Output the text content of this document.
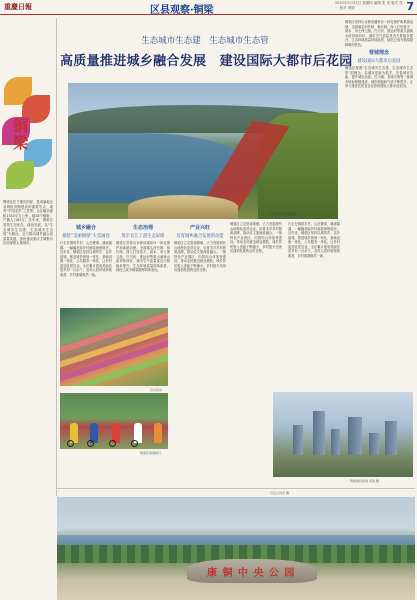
重慶日報	区县观察·铜梁
2023年2月23日 星期四 编辑 张 美 版式 张一 校对 黄婷	7
铜梁
铜梁区位于重庆西部，是成渝地区双城经济圈建设的重要节点，素有“中国龙乡”之美誉。全区幅员面积1343平方公里，辖28个镇街，户籍人口83万。近年来，铜梁区坚持生态优先、绿色发展，以“生态城市生态建、生态城市生态管”为路径，全力推动城乡融合高质量发展，加快建设重庆主城都市区西部桥头堡城市。
生态城市生态建　生态城市生态管
高质量推进城乡融合发展　建设国际大都市后花园
巴川湖风光 邓锐 摄
城乡融合
描绘“美丽铜梁”大美画卷
行走在铜梁乡村，山峦叠翠、溪流潺潺，一幅幅美丽乡村画卷徐徐展开。近年来，铜梁区坚持以城带乡、以乡促城，推进城乡规划一体化、基础设施一体化、公共服务一体化，让乡村更加宜居宜业。全区累计建成美丽宜居乡村一百余个，农村人居环境持续改善，乡村面貌焕然一新。
生态治理
筑牢长江上游生态屏障
铜梁区坚持山水林田湖草沙一体化保护和系统治理，全面落实河长制、林长制，深入打好蓝天、碧水、净土保卫战。巴川河、淮远河等重点流域水质持续向好，城市空气质量优良天数稳步提升，生态环境质量持续改善，绿色已成为铜梁最鲜明的底色。
产业兴旺
培育城乡融合发展新动能
铜梁区立足资源禀赋，大力发展现代山地特色高效农业，培育龙乡乡村旅游品牌，推动农文旅深度融合。一批特色产业园区、田园综合体加快建设，带动农民就近就业增收，城乡居民收入差距不断缩小，乡村振兴呈现出蓬勃发展的良好态势。
铜梁区立足资源禀赋，大力发展现代山地特色高效农业，培育龙乡乡村旅游品牌，推动农文旅深度融合。一批特色产业园区、田园综合体加快建设，带动农民就近就业增收，城乡居民收入差距不断缩小，乡村振兴呈现出蓬勃发展的良好态势。
铜梁区坚持山水林田湖草沙一体化保护和系统治理，全面落实河长制、林长制，深入打好蓝天、碧水、净土保卫战。巴川河、淮远河等重点流域水质持续向好，城市空气质量优良天数稳步提升，生态环境质量持续改善，绿色已成为铜梁最鲜明的底色。
营城理念
建设国际大都市后花园
铜梁区按照“生态城市生态建、生态城市生态管”的理念，以城市更新为抓手，完善城市功能，提升城市品质。巴川湖、龙城天街等一批城市地标相继建成，城市颜值和气质不断提升，正努力建设宜居宜业宜游的国际大都市后花园。
行走在铜梁乡村，山峦叠翠、溪流潺潺，一幅幅美丽乡村画卷徐徐展开。近年来，铜梁区坚持以城带乡、以乡促城，推进城乡规划一体化、基础设施一体化、公共服务一体化，让乡村更加宜居宜业。全区累计建成美丽宜居乡村一百余个，农村人居环境持续改善，乡村面貌焕然一新。
巴川风光
铜梁区绿道骑行
铜梁城区新貌 邓锐 摄
康 铜 中 央 公 园
巴岳山风光 摄
